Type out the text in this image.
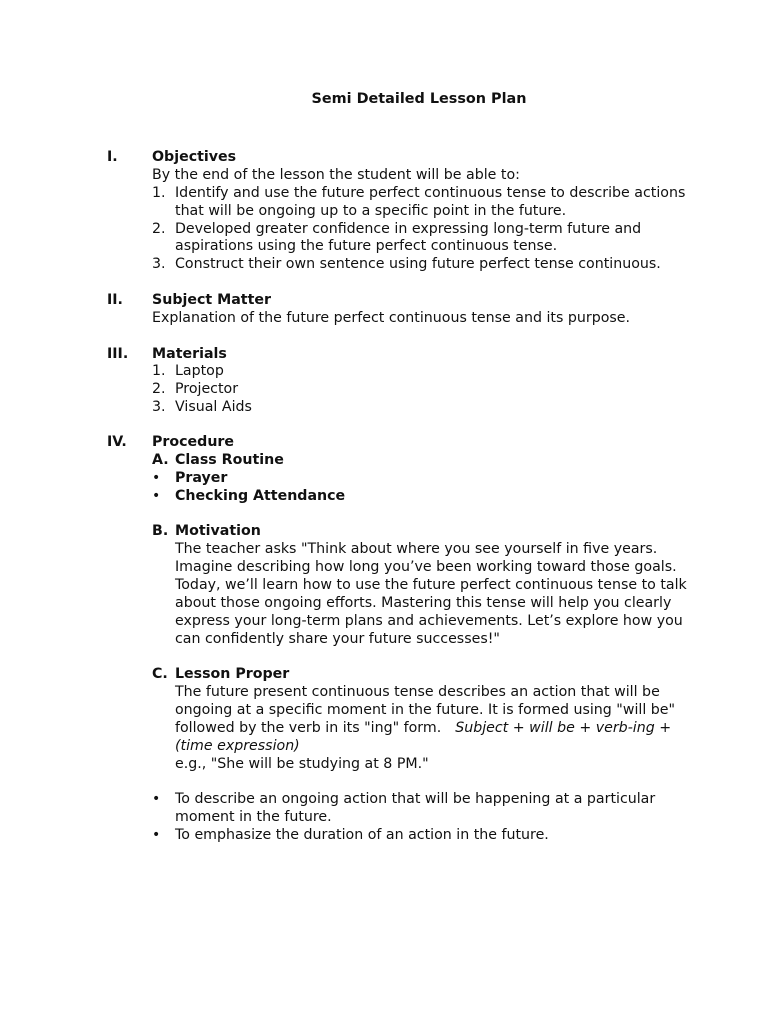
Semi Detailed Lesson Plan
I. Objectives
By the end of the lesson the student will be able to:
1. Identify and use the future perfect continuous tense to describe actions
that will be ongoing up to a specific point in the future.
2. Developed greater confidence in expressing long-term future and
aspirations using the future perfect continuous tense.
3. Construct their own sentence using future perfect tense continuous.
II. Subject Matter
Explanation of the future perfect continuous tense and its purpose.
III. Materials
1. Laptop
2. Projector
3. Visual Aids
IV. Procedure
A. Class Routine
• Prayer
• Checking Attendance
B. Motivation
The teacher asks "Think about where you see yourself in five years.
Imagine describing how long you’ve been working toward those goals.
Today, we’ll learn how to use the future perfect continuous tense to talk
about those ongoing efforts. Mastering this tense will help you clearly
express your long-term plans and achievements. Let’s explore how you
can confidently share your future successes!"
C. Lesson Proper
The future present continuous tense describes an action that will be
ongoing at a specific moment in the future. It is formed using "will be"
followed by the verb in its "ing" form. Subject + will be + verb-ing +
(time expression)
e.g., "She will be studying at 8 PM."
• To describe an ongoing action that will be happening at a particular
moment in the future.
• To emphasize the duration of an action in the future.
